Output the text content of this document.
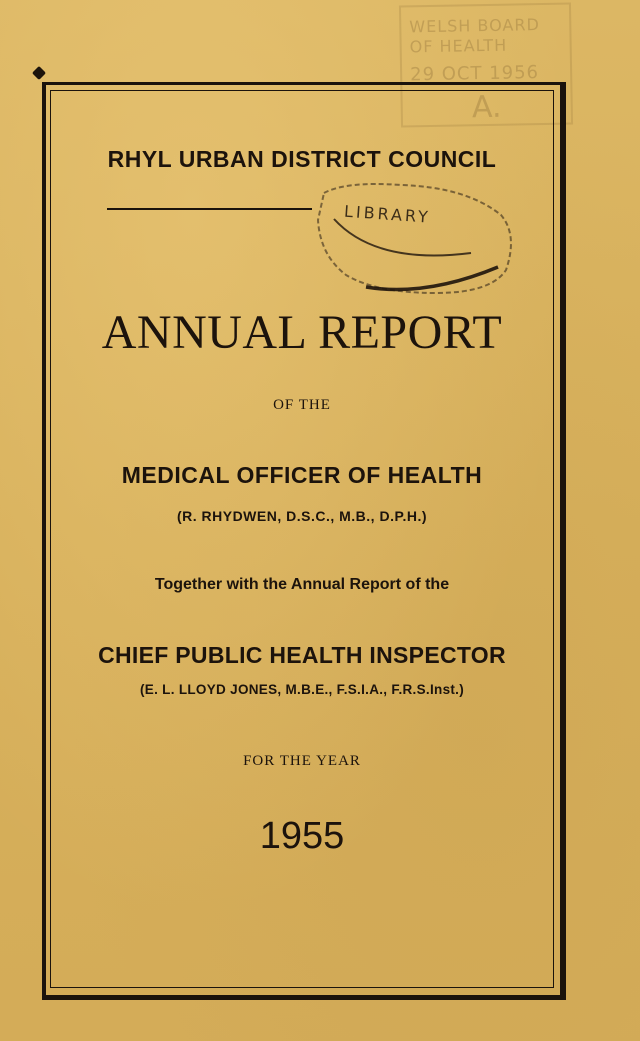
WELSH BOARD OF HEALTH
29 OCT 1956
A.
RHYL URBAN DISTRICT COUNCIL
LIBRARY
ANNUAL REPORT
OF THE
MEDICAL OFFICER OF HEALTH
(R. RHYDWEN, D.S.C., M.B., D.P.H.)
Together with the Annual Report of the
CHIEF PUBLIC HEALTH INSPECTOR
(E. L. LLOYD JONES, M.B.E., F.S.I.A., F.R.S.Inst.)
FOR THE YEAR
1955
